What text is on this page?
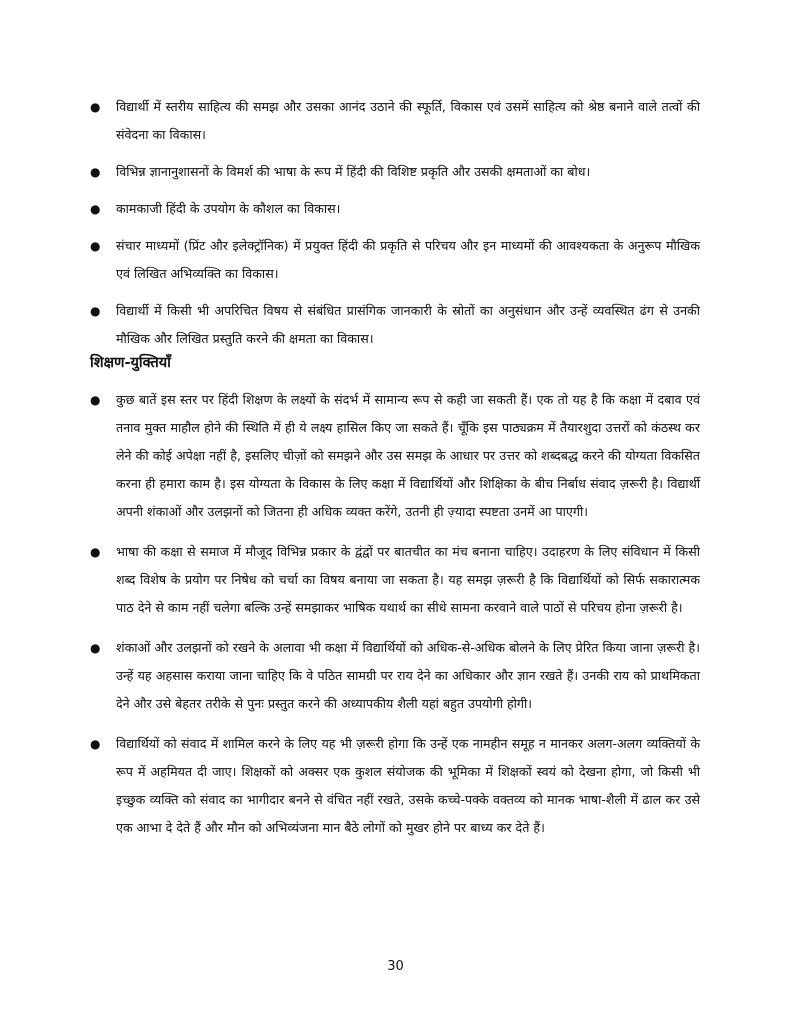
● विद्यार्थी में स्तरीय साहित्य की समझ और उसका आनंद उठाने की स्फूर्ति, विकास एवं उसमें साहित्य को श्रेष्ठ बनाने वाले तत्वों की संवेदना का विकास।
● विभिन्न ज्ञानानुशासनों के विमर्श की भाषा के रूप में हिंदी की विशिष्ट प्रकृति और उसकी क्षमताओं का बोध।
● कामकाजी हिंदी के उपयोग के कौशल का विकास।
● संचार माध्यमों (प्रिंट और इलेक्ट्रॉनिक) में प्रयुक्त हिंदी की प्रकृति से परिचय और इन माध्यमों की आवश्यकता के अनुरूप मौखिक एवं लिखित अभिव्यक्ति का विकास।
● विद्यार्थी में किसी भी अपरिचित विषय से संबंधित प्रासंगिक जानकारी के स्रोतों का अनुसंधान और उन्हें व्यवस्थित ढंग से उनकी मौखिक और लिखित प्रस्तुति करने की क्षमता का विकास।
शिक्षण-युक्तियाँ
● कुछ बातें इस स्तर पर हिंदी शिक्षण के लक्ष्यों के संदर्भ में सामान्य रूप से कही जा सकती हैं। एक तो यह है कि कक्षा में दबाव एवं तनाव मुक्त माहौल होने की स्थिति में ही ये लक्ष्य हासिल किए जा सकते हैं। चूँकि इस पाठ्यक्रम में तैयारशुदा उत्तरों को कंठस्थ कर लेने की कोई अपेक्षा नहीं है, इसलिए चीज़ों को समझने और उस समझ के आधार पर उत्तर को शब्दबद्ध करने की योग्यता विकसित करना ही हमारा काम है। इस योग्यता के विकास के लिए कक्षा में विद्यार्थियों और शिक्षिका के बीच निर्बाध संवाद ज़रूरी है। विद्यार्थी अपनी शंकाओं और उलझनों को जितना ही अधिक व्यक्त करेंगे, उतनी ही ज़्यादा स्पष्टता उनमें आ पाएगी।
● भाषा की कक्षा से समाज में मौजूद विभिन्न प्रकार के द्वंद्वों पर बातचीत का मंच बनाना चाहिए। उदाहरण के लिए संविधान में किसी शब्द विशेष के प्रयोग पर निषेध को चर्चा का विषय बनाया जा सकता है। यह समझ ज़रूरी है कि विद्यार्थियों को सिर्फ सकारात्मक पाठ देने से काम नहीं चलेगा बल्कि उन्हें समझाकर भाषिक यथार्थ का सीधे सामना करवाने वाले पाठों से परिचय होना ज़रूरी है।
● शंकाओं और उलझनों को रखने के अलावा भी कक्षा में विद्यार्थियों को अधिक-से-अधिक बोलने के लिए प्रेरित किया जाना ज़रूरी है। उन्हें यह अहसास कराया जाना चाहिए कि वे पठित सामग्री पर राय देने का अधिकार और ज्ञान रखते हैं। उनकी राय को प्राथमिकता देने और उसे बेहतर तरीके से पुनः प्रस्तुत करने की अध्यापकीय शैली यहां बहुत उपयोगी होगी।
● विद्यार्थियों को संवाद में शामिल करने के लिए यह भी ज़रूरी होगा कि उन्हें एक नामहीन समूह न मानकर अलग-अलग व्यक्तियों के रूप में अहमियत दी जाए। शिक्षकों को अक्सर एक कुशल संयोजक की भूमिका में शिक्षकों स्वयं को देखना होगा, जो किसी भी इच्छुक व्यक्ति को संवाद का भागीदार बनने से वंचित नहीं रखते, उसके कच्चे-पक्के वक्तव्य को मानक भाषा-शैली में ढाल कर उसे एक आभा दे देते हैं और मौन को अभिव्यंजना मान बैठे लोगों को मुखर होने पर बाध्य कर देते हैं।
30
